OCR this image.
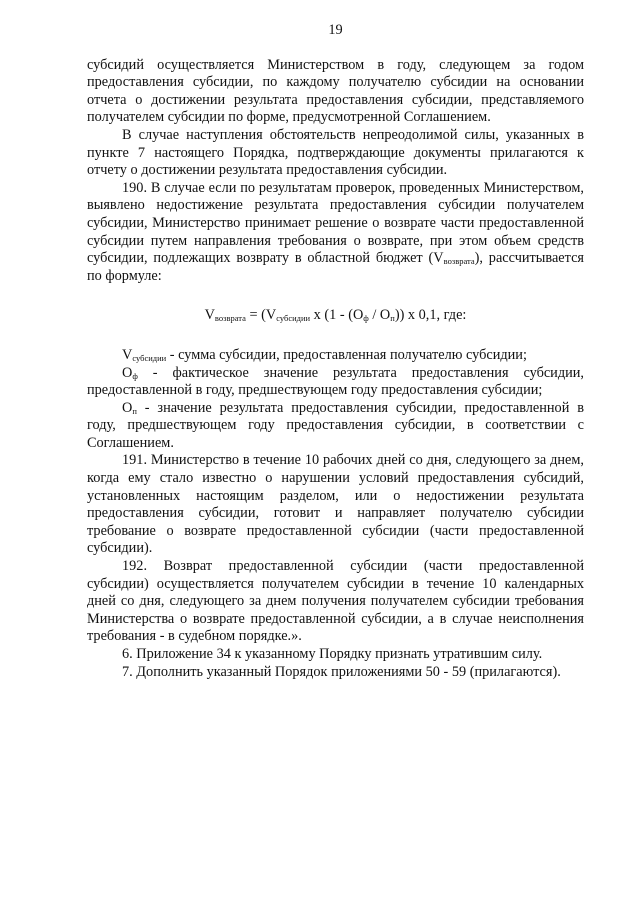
19

субсидий осуществляется Министерством в году, следующем за годом предоставления субсидии, по каждому получателю субсидии на основании отчета о достижении результата предоставления субсидии, представляемого получателем субсидии по форме, предусмотренной Соглашением.

В случае наступления обстоятельств непреодолимой силы, указанных в пункте 7 настоящего Порядка, подтверждающие документы прилагаются к отчету о достижении результата предоставления субсидии.

190. В случае если по результатам проверок, проведенных Министерством, выявлено недостижение результата предоставления субсидии получателем субсидии, Министерство принимает решение о возврате части предоставленной субсидии путем направления требования о возврате, при этом объем средств субсидии, подлежащих возврату в областной бюджет $(V_{возврата})$, рассчитывается по формуле:

$V_{возврата} = (V_{субсидии}$ x $(1 - (О_ф / О_п))$ x 0,1, где:

$V_{субсидии}$ - сумма субсидии, предоставленная получателю субсидии;

$О_ф$ - фактическое значение результата предоставления субсидии, предоставленной в году, предшествующем году предоставления субсидии;

$О_п$ - значение результата предоставления субсидии, предоставленной в году, предшествующем году предоставления субсидии, в соответствии с Соглашением.

191. Министерство в течение 10 рабочих дней со дня, следующего за днем, когда ему стало известно о нарушении условий предоставления субсидий, установленных настоящим разделом, или о недостижении результата предоставления субсидии, готовит и направляет получателю субсидии требование о возврате предоставленной субсидии (части предоставленной субсидии).

192. Возврат предоставленной субсидии (части предоставленной субсидии) осуществляется получателем субсидии в течение 10 календарных дней со дня, следующего за днем получения получателем субсидии требования Министерства о возврате предоставленной субсидии, а в случае неисполнения требования - в судебном порядке.».

6. Приложение 34 к указанному Порядку признать утратившим силу.

7. Дополнить указанный Порядок приложениями 50 - 59 (прилагаются).
